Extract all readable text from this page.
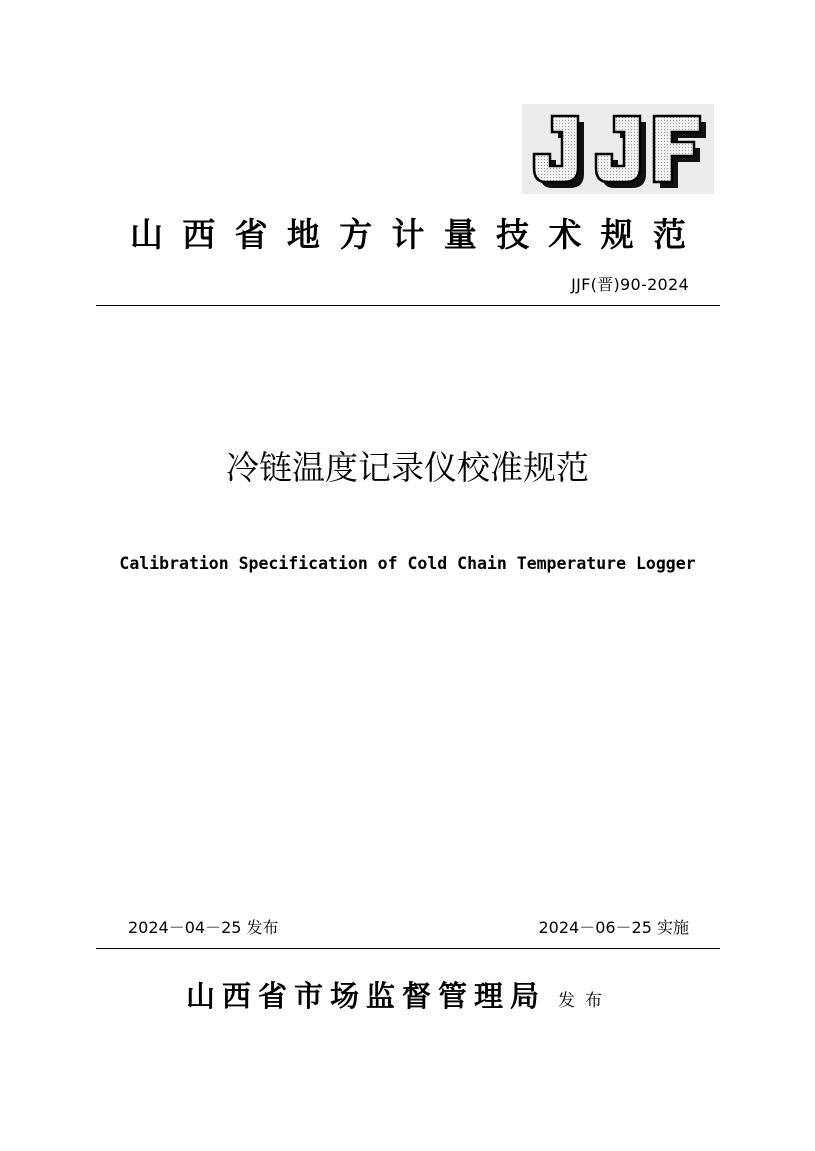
山 西 省 地 方 计 量 技 术 规 范
JJF(晋)90-2024
冷链温度记录仪校准规范
Calibration Specification of Cold Chain Temperature Logger
2024－04－25 发布	2024－06－25 实施
山西省市场监督管理局 发布
